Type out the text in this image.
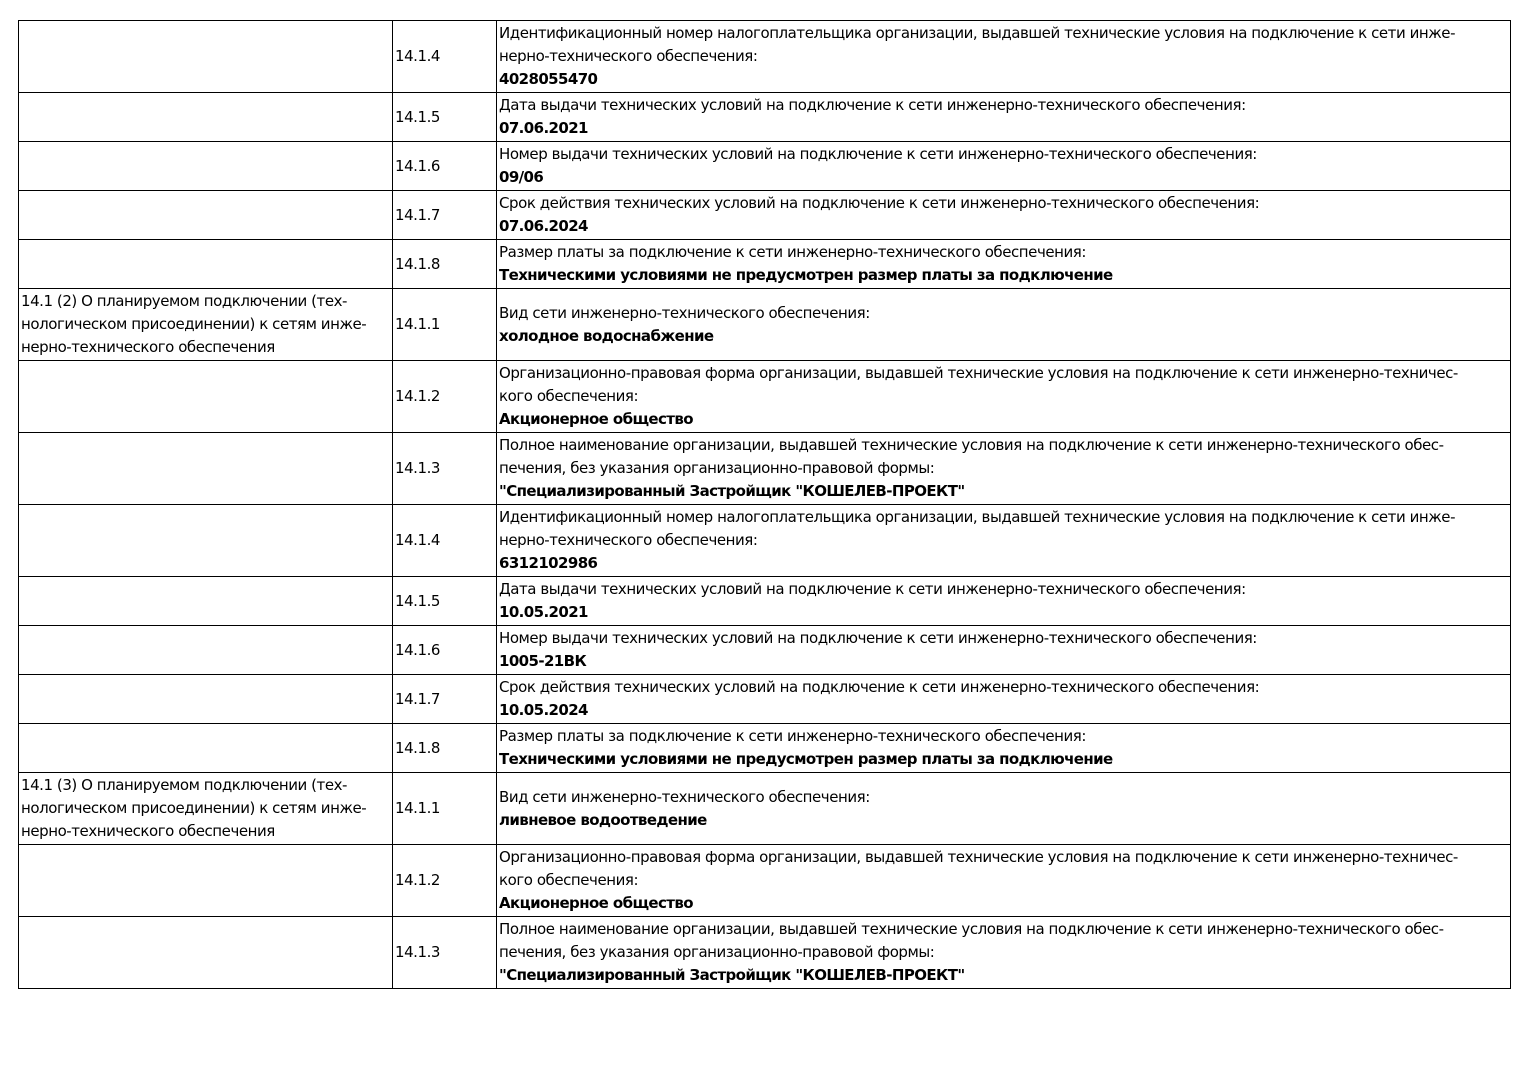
	14.1.4	Идентификационный номер налогоплательщика организации, выдавшей технические условия на подключение к сети инже-
нерно-технического обеспечения:
4028055470
	14.1.5	Дата выдачи технических условий на подключение к сети инженерно-технического обеспечения:
07.06.2021
	14.1.6	Номер выдачи технических условий на подключение к сети инженерно-технического обеспечения:
09/06
	14.1.7	Срок действия технических условий на подключение к сети инженерно-технического обеспечения:
07.06.2024
	14.1.8	Размер платы за подключение к сети инженерно-технического обеспечения:
Техническими условиями не предусмотрен размер платы за подключение
14.1 (2) О планируемом подключении (тех-
нологическом присоединении) к сетям инже-
нерно-технического обеспечения	14.1.1	Вид сети инженерно-технического обеспечения:
холодное водоснабжение
	14.1.2	Организационно-правовая форма организации, выдавшей технические условия на подключение к сети инженерно-техничес-
кого обеспечения:
Акционерное общество
	14.1.3	Полное наименование организации, выдавшей технические условия на подключение к сети инженерно-технического обес-
печения, без указания организационно-правовой формы:
"Специализированный Застройщик "КОШЕЛЕВ-ПРОЕКТ"
	14.1.4	Идентификационный номер налогоплательщика организации, выдавшей технические условия на подключение к сети инже-
нерно-технического обеспечения:
6312102986
	14.1.5	Дата выдачи технических условий на подключение к сети инженерно-технического обеспечения:
10.05.2021
	14.1.6	Номер выдачи технических условий на подключение к сети инженерно-технического обеспечения:
1005-21ВК
	14.1.7	Срок действия технических условий на подключение к сети инженерно-технического обеспечения:
10.05.2024
	14.1.8	Размер платы за подключение к сети инженерно-технического обеспечения:
Техническими условиями не предусмотрен размер платы за подключение
14.1 (3) О планируемом подключении (тех-
нологическом присоединении) к сетям инже-
нерно-технического обеспечения	14.1.1	Вид сети инженерно-технического обеспечения:
ливневое водоотведение
	14.1.2	Организационно-правовая форма организации, выдавшей технические условия на подключение к сети инженерно-техничес-
кого обеспечения:
Акционерное общество
	14.1.3	Полное наименование организации, выдавшей технические условия на подключение к сети инженерно-технического обес-
печения, без указания организационно-правовой формы:
"Специализированный Застройщик "КОШЕЛЕВ-ПРОЕКТ"
